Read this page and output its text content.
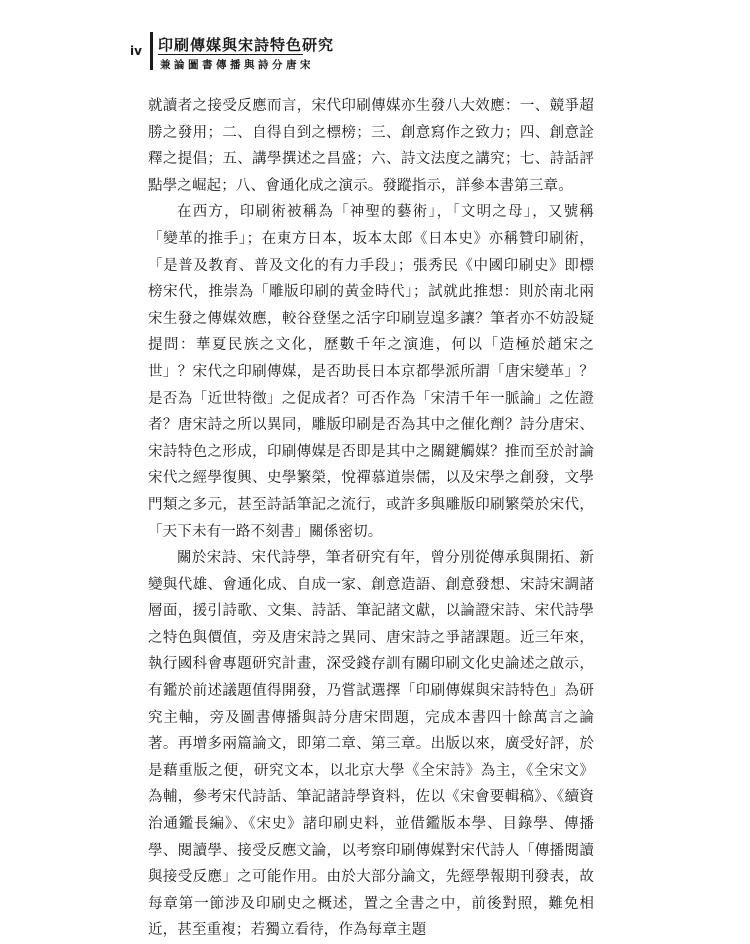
iv 印刷傳媒與宋詩特色研究
兼論圖書傳播與詩分唐宋

就讀者之接受反應而言，宋代印刷傳媒亦生發八大效應：一、競爭超勝之發用；二、自得自到之標榜；三、創意寫作之致力；四、創意詮釋之提倡；五、講學撰述之昌盛；六、詩文法度之講究；七、詩話評點學之崛起；八、會通化成之演示。發蹤指示，詳參本書第三章。

在西方，印刷術被稱為「神聖的藝術」，「文明之母」，又號稱「變革的推手」；在東方日本，坂本太郎《日本史》亦稱贊印刷術，「是普及教育、普及文化的有力手段」；張秀民《中國印刷史》即標榜宋代，推崇為「雕版印刷的黃金時代」；試就此推想：則於南北兩宋生發之傳媒效應，較谷登堡之活字印刷豈遑多讓？筆者亦不妨設疑提問：華夏民族之文化，歷數千年之演進，何以「造極於趙宋之世」？宋代之印刷傳媒，是否助長日本京都學派所謂「唐宋變革」？是否為「近世特徵」之促成者？可否作為「宋清千年一脈論」之佐證者？唐宋詩之所以異同，雕版印刷是否為其中之催化劑？詩分唐宋、宋詩特色之形成，印刷傳媒是否即是其中之關鍵觸媒？推而至於討論宋代之經學復興、史學繁榮，悅禪慕道崇儒，以及宋學之創發，文學門類之多元，甚至詩話筆記之流行，或許多與雕版印刷繁榮於宋代，「天下未有一路不刻書」關係密切。

關於宋詩、宋代詩學，筆者研究有年，曾分別從傳承與開拓、新變與代雄、會通化成、自成一家、創意造語、創意發想、宋詩宋調諸層面，援引詩歌、文集、詩話、筆記諸文獻，以論證宋詩、宋代詩學之特色與價值，旁及唐宋詩之異同、唐宋詩之爭諸課題。近三年來，執行國科會專題研究計畫，深受錢存訓有關印刷文化史論述之啟示，有鑑於前述議題值得開發，乃嘗試選擇「印刷傳媒與宋詩特色」為研究主軸，旁及圖書傳播與詩分唐宋問題，完成本書四十餘萬言之論著。再增多兩篇論文，即第二章、第三章。出版以來，廣受好評，於是藉重版之便，研究文本，以北京大學《全宋詩》為主，《全宋文》為輔，參考宋代詩話、筆記諸詩學資料，佐以《宋會要輯稿》、《續資治通鑑長編》、《宋史》諸印刷史料，並借鑑版本學、目錄學、傳播學、閱讀學、接受反應文論，以考察印刷傳媒對宋代詩人「傳播閱讀與接受反應」之可能作用。由於大部分論文，先經學報期刊發表，故每章第一節涉及印刷史之概述，置之全書之中，前後對照，難免相近，甚至重複；若獨立看待，作為每章主題
